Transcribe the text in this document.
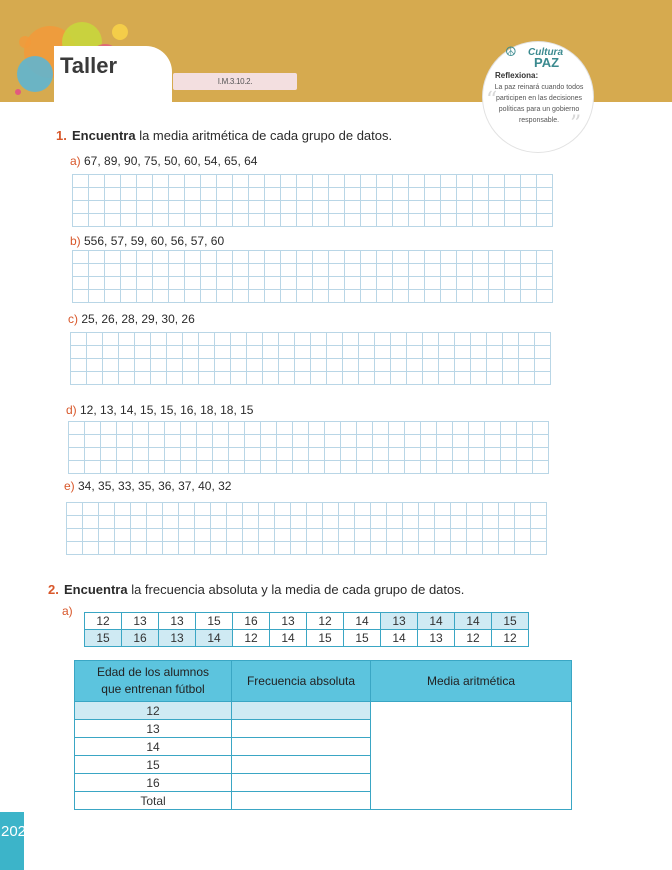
Taller
I.M.3.10.2.
☮ Cultura
PAZ
Reflexiona:
“
La paz reinará cuando todos participen en las decisiones políticas para un gobierno responsable. ”
1. Encuentra la media aritmética de cada grupo de datos.
a) 67, 89, 90, 75, 50, 60, 54, 65, 64
b) 556, 57, 59, 60, 56, 57, 60
c) 25, 26, 28, 29, 30, 26
d) 12, 13, 14, 15, 15, 16, 18, 18, 15
e) 34, 35, 33, 35, 36, 37, 40, 32
2. Encuentra la frecuencia absoluta y la media de cada grupo de datos.
a)
12	13	13	15	16	13	12	14	13	14	14	15
15	16	13	14	12	14	15	15	14	13	12	12
Edad de los alumnos
que entrenan fútbol	Frecuencia absoluta	Media aritmética
12		
13		
14		
15		
16		
Total		
202
